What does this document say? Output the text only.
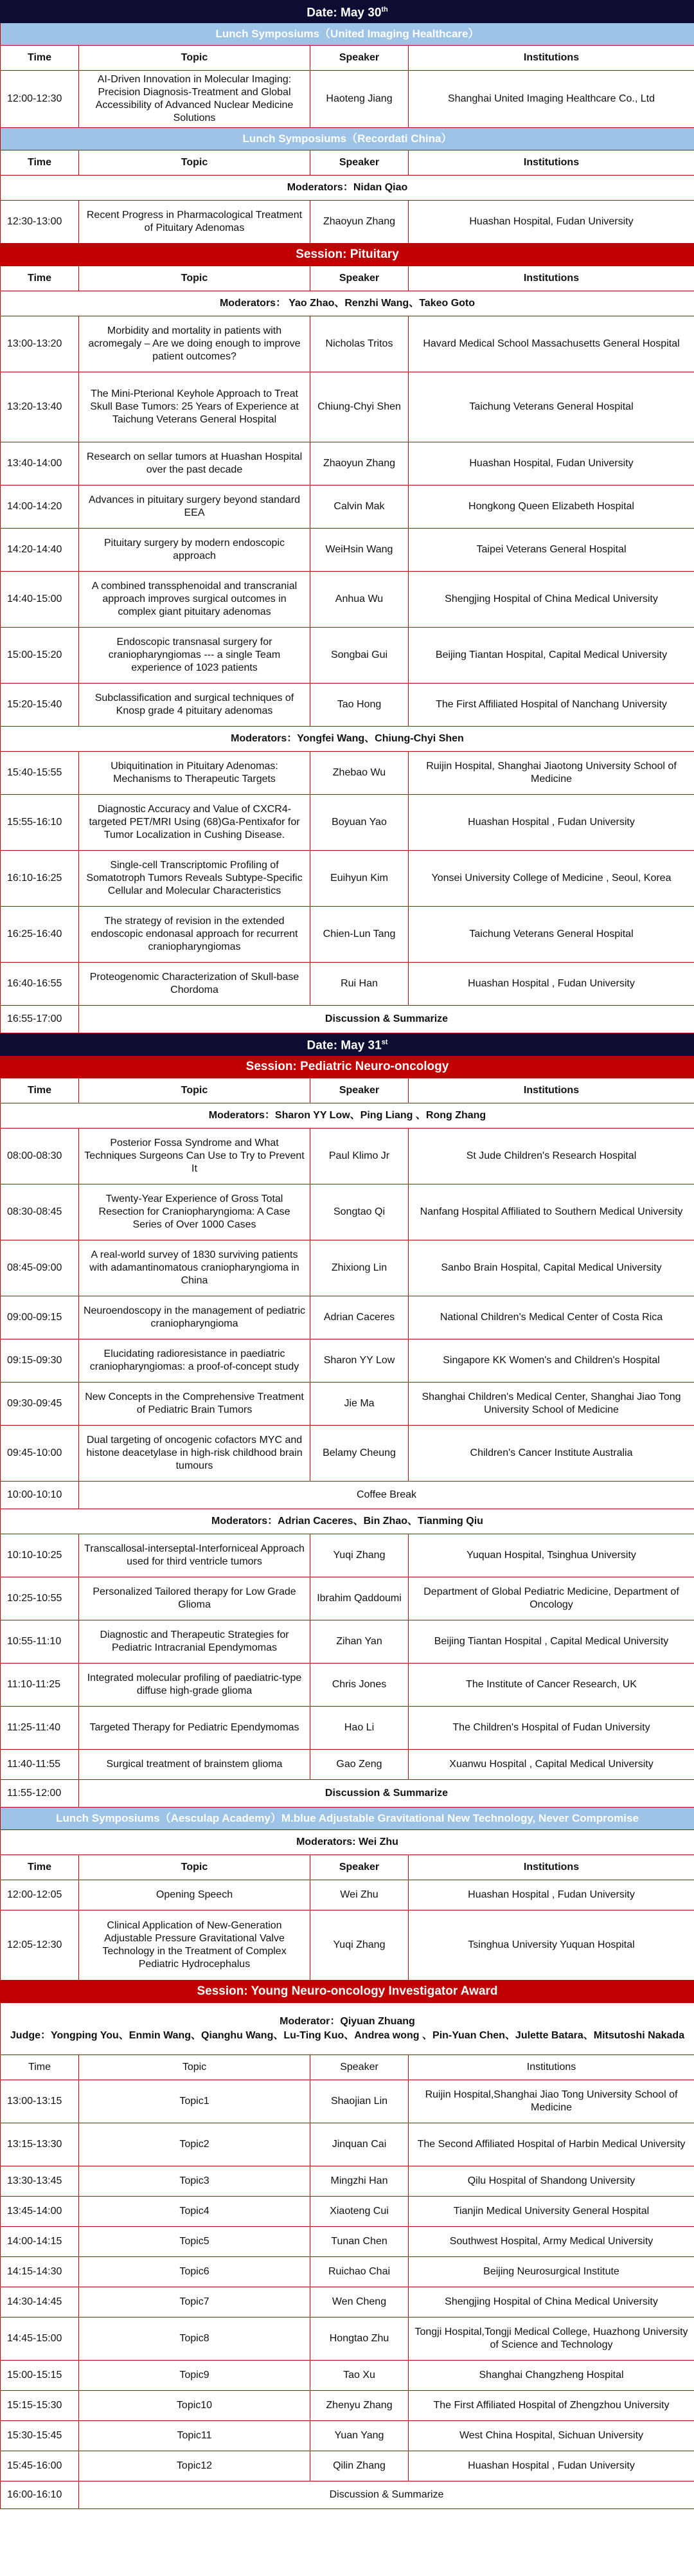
Date: May 30th
Lunch Symposiums（United Imaging Healthcare）			
Time	Topic	Speaker	Institutions
12:00-12:30	AI-Driven Innovation in Molecular Imaging: Precision Diagnosis-Treatment and Global Accessibility of Advanced Nuclear Medicine Solutions	Haoteng Jiang	Shanghai United Imaging Healthcare Co., Ltd
Lunch Symposiums（Recordati China）			
Time	Topic	Speaker	Institutions
Moderators：Nidan Qiao			
12:30-13:00	Recent Progress in Pharmacological Treatment of Pituitary Adenomas	Zhaoyun Zhang	Huashan Hospital, Fudan University
Session: Pituitary			
Time	Topic	Speaker	Institutions
Moderators： Yao Zhao、Renzhi Wang、Takeo Goto			
13:00-13:20	Morbidity and mortality in patients with acromegaly – Are we doing enough to improve patient outcomes?	Nicholas Tritos	Havard Medical School Massachusetts General Hospital
13:20-13:40	The Mini-Pterional Keyhole Approach to Treat Skull Base Tumors: 25 Years of Experience at Taichung Veterans General Hospital	Chiung-Chyi Shen	Taichung Veterans General Hospital
13:40-14:00	Research on sellar tumors at Huashan Hospital over the past decade	Zhaoyun Zhang	Huashan Hospital, Fudan University
14:00-14:20	Advances in pituitary surgery beyond standard EEA	Calvin Mak	Hongkong Queen Elizabeth Hospital
14:20-14:40	Pituitary surgery by modern endoscopic approach	WeiHsin Wang	Taipei Veterans General Hospital
14:40-15:00	A combined transsphenoidal and transcranial approach improves surgical outcomes in complex giant pituitary adenomas	Anhua Wu	Shengjing Hospital of China Medical University
15:00-15:20	Endoscopic transnasal surgery for craniopharyngiomas --- a single Team experience of 1023 patients	Songbai Gui	Beijing Tiantan Hospital, Capital Medical University
15:20-15:40	Subclassification and surgical techniques of Knosp grade 4 pituitary adenomas	Tao Hong	The First Affiliated Hospital of Nanchang University
Moderators：Yongfei Wang、Chiung-Chyi Shen			
15:40-15:55	Ubiquitination in Pituitary Adenomas: Mechanisms to Therapeutic Targets	Zhebao Wu	Ruijin Hospital, Shanghai Jiaotong University School of Medicine
15:55-16:10	Diagnostic Accuracy and Value of CXCR4-targeted PET/MRI Using (68)Ga-Pentixafor for Tumor Localization in Cushing Disease.	Boyuan Yao	Huashan Hospital , Fudan University
16:10-16:25	Single-cell Transcriptomic Profiling of Somatotroph Tumors Reveals Subtype-Specific Cellular and Molecular Characteristics	Euihyun Kim	Yonsei University College of Medicine , Seoul, Korea
16:25-16:40	The strategy of revision in the extended endoscopic endonasal approach for recurrent craniopharyngiomas	Chien-Lun Tang	Taichung Veterans General Hospital
16:40-16:55	Proteogenomic Characterization of Skull-base Chordoma	Rui Han	Huashan Hospital , Fudan University
16:55-17:00	Discussion & Summarize		
Date: May 31st
Session: Pediatric Neuro-oncology			
Time	Topic	Speaker	Institutions
Moderators：Sharon YY Low、Ping Liang 、Rong Zhang			
08:00-08:30	Posterior Fossa Syndrome and What Techniques Surgeons Can Use to Try to Prevent It	Paul Klimo Jr	St Jude Children's Research Hospital
08:30-08:45	Twenty-Year Experience of Gross Total Resection for Craniopharyngioma: A Case Series of Over 1000 Cases	Songtao Qi	Nanfang Hospital Affiliated to Southern Medical University
08:45-09:00	A real-world survey of 1830 surviving patients with adamantinomatous craniopharyngioma in China	Zhixiong Lin	Sanbo Brain Hospital, Capital Medical University
09:00-09:15	Neuroendoscopy in the management of pediatric craniopharyngioma	Adrian Caceres	National Children's Medical Center of Costa Rica
09:15-09:30	Elucidating radioresistance in paediatric craniopharyngiomas: a proof-of-concept study	Sharon YY Low	Singapore KK Women's and Children's Hospital
09:30-09:45	New Concepts in the Comprehensive Treatment of Pediatric Brain Tumors	Jie Ma	Shanghai Children's Medical Center, Shanghai Jiao Tong University School of Medicine
09:45-10:00	Dual targeting of oncogenic cofactors MYC and histone deacetylase in high-risk childhood brain tumours	Belamy Cheung	Children's Cancer Institute Australia
10:00-10:10	Coffee Break		
Moderators：Adrian Caceres、Bin Zhao、Tianming Qiu			
10:10-10:25	Transcallosal-interseptal-Interforniceal Approach used for third ventricle tumors	Yuqi Zhang	Yuquan Hospital, Tsinghua University
10:25-10:55	Personalized Tailored therapy for Low Grade Glioma	Ibrahim Qaddoumi	Department of Global Pediatric Medicine, Department of Oncology
10:55-11:10	Diagnostic and Therapeutic Strategies for Pediatric Intracranial Ependymomas	Zihan Yan	Beijing Tiantan Hospital , Capital Medical University
11:10-11:25	Integrated molecular profiling of paediatric-type diffuse high-grade glioma	Chris Jones	The Institute of Cancer Research, UK
11:25-11:40	Targeted Therapy for Pediatric Ependymomas	Hao Li	The Children's Hospital of Fudan University
11:40-11:55	Surgical treatment of brainstem glioma	Gao Zeng	Xuanwu Hospital , Capital Medical University
11:55-12:00	Discussion & Summarize		
Lunch Symposiums（Aesculap Academy）M.blue Adjustable Gravitational New Technology, Never Compromise			
Moderators: Wei Zhu			
Time	Topic	Speaker	Institutions
12:00-12:05	Opening Speech	Wei Zhu	Huashan Hospital , Fudan University
12:05-12:30	Clinical Application of New-Generation Adjustable Pressure Gravitational Valve Technology in the Treatment of Complex Pediatric Hydrocephalus	Yuqi Zhang	Tsinghua University Yuquan Hospital
Session: Young Neuro-oncology Investigator Award			

Moderator：Qiyuan Zhuang
Judge：Yongping You、Enmin Wang、Qianghu Wang、Lu-Ting Kuo、Andrea wong 、Pin-Yuan Chen、Julette Batara、Mitsutoshi Nakada			

Time	Topic	Speaker	Institutions
13:00-13:15	Topic1	Shaojian Lin	Ruijin Hospital,Shanghai Jiao Tong University School of Medicine
13:15-13:30	Topic2	Jinquan Cai	The Second Affiliated Hospital of Harbin Medical University
13:30-13:45	Topic3	Mingzhi Han	Qilu Hospital of Shandong University
13:45-14:00	Topic4	Xiaoteng Cui	Tianjin Medical University General Hospital
14:00-14:15	Topic5	Tunan Chen	Southwest Hospital, Army Medical University
14:15-14:30	Topic6	Ruichao Chai	Beijing Neurosurgical Institute
14:30-14:45	Topic7	Wen Cheng	Shengjing Hospital of China Medical University
14:45-15:00	Topic8	Hongtao Zhu	Tongji Hospital,Tongji Medical College, Huazhong University of Science and Technology
15:00-15:15	Topic9	Tao Xu	Shanghai Changzheng Hospital
15:15-15:30	Topic10	Zhenyu Zhang	The First Affiliated Hospital of Zhengzhou University
15:30-15:45	Topic11	Yuan Yang	West China Hospital, Sichuan University
15:45-16:00	Topic12	Qilin Zhang	Huashan Hospital , Fudan University
16:00-16:10	Discussion & Summarize		
